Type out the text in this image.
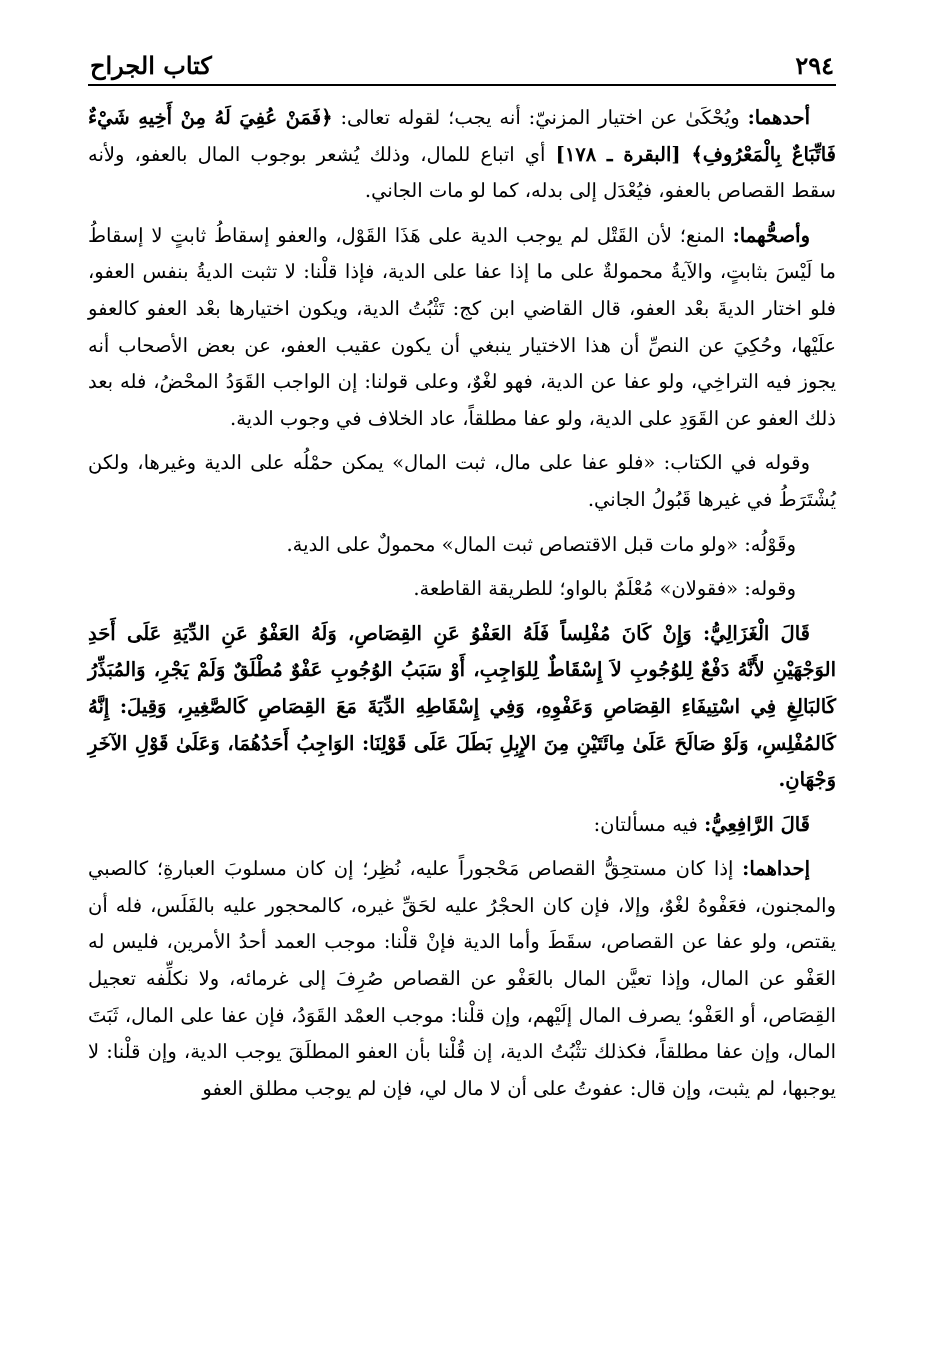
٢٩٤
كتاب الجراح

أحدهما: ويُحْكَىٰ عن اختيار المزنيّ: أنه يجب؛ لقوله تعالى: ﴿فَمَنْ عُفِيَ لَهُ مِنْ أَخِيهِ شَيْءٌ فَاتِّبَاعٌ بِالْمَعْرُوفِ﴾ [البقرة ـ ١٧٨] أي اتباع للمال، وذلك يُشعر بوجوب المال بالعفو، ولأنه سقط القصاص بالعفو، فيُعْدَل إلى بدله، كما لو مات الجاني.

وأصحُّهما: المنع؛ لأن القَتْل لم يوجب الدية على هَذَا القَوْل، والعفو إسقاطُ ثابتٍ لا إسقاطُ ما لَيْسَ بثابتٍ، والآيةُ محمولةٌ على ما إذا عفا على الدية، فإذا قلْنا: لا تثبت الديةُ بنفس العفو، فلو اختار الديةَ بعْد العفو، قال القاضي ابن كج: تَثْبُتُ الدية، ويكون اختيارها بعْد العفو كالعفو علَيْها، وحُكِيَ عن النصِّ أن هذا الاختيار ينبغي أن يكون عقيب العفو، عن بعض الأصحاب أنه يجوز فيه التراخِي، ولو عفا عن الدية، فهو لغْوٌ، وعلى قولنا: إن الواجب القَوَدُ المحْضُ، فله بعد ذلك العفو عن القَوَدِ على الدية، ولو عفا مطلقاً، عاد الخلاف في وجوب الدية.

وقوله في الكتاب: «فلو عفا على مال، ثبت المال» يمكن حمْلُه على الدية وغيرها، ولكن يُشْتَرَطُ في غيرها قَبُولُ الجاني.

وقَوْلُه: «ولو مات قبل الاقتصاص ثبت المال» محمولٌ على الدية.

وقوله: «فقولان» مُعْلَمٌ بالواو؛ للطريقة القاطعة.

قَالَ الْغَزَالِيُّ: وَإِنْ كَانَ مُفْلِساً فَلَهُ العَفْوُ عَنِ القِصَاصِ، وَلَهُ العَفْوُ عَنِ الدِّيَةِ عَلَى أَحَدِ الوَجْهَيْنِ لأَنَّهُ دَفْعٌ لِلوُجُوبِ لاَ إِسْقَاطٌ لِلوَاجِبِ، أَوْ سَبَبُ الوُجُوبِ عَفْوٌ مُطْلَقٌ وَلَمْ يَجْرِ، وَالمُبَذِّرُ كَالبَالِغِ فِي اسْتِيفَاءِ القِصَاصِ وَعَفْوِهِ، وَفِي إِسْقَاطِهِ الدِّيَةَ مَعَ القِصَاصِ كَالصَّغِيرِ، وَقِيلَ: إِنَّهُ كَالمُفْلِسِ، وَلَوْ صَالَحَ عَلَىٰ مِائَتَيْنِ مِنَ الإِبِلِ بَطَلَ عَلَى قَوْلِنَا: الوَاجِبُ أَحَدُهُمَا، وَعَلَىٰ قَوْلِ الآخَرِ وَجْهَانِ.

قَالَ الرَّافِعِيُّ: فيه مسألتان:

إحداهما: إذا كان مستحِقُّ القصاص مَحْجوراً عليه، نُظِر؛ إن كان مسلوبَ العبارةِ؛ كالصبي والمجنون، فعَفْوهُ لغْوٌ، وإلا، فإن كان الحجْرُ عليه لحَقِّ غيره، كالمحجور عليه بالفَلَس، فله أن يقتص، ولو عفا عن القصاص، سقَطَ وأما الدية فإنْ قلْنا: موجب العمد أحدُ الأمرين، فليس له العَفْو عن المال، وإذا تعيَّن المال بالعَفْو عن القصاص صُرِفَ إلى غرمائه، ولا نكلِّفه تعجيل القِصَاص، أو العَفْو؛ يصرف المال إلَيْهم، وإن قلْنا: موجب العمْد القَوَدُ، فإن عفا على المال، ثَبَتَ المال، وإن عفا مطلقاً، فكذلك تثْبُتُ الدية، إن قُلْنا بأن العفو المطلَقَ يوجب الدية، وإن قلْنا: لا يوجبها، لم يثبت، وإن قال: عفوتُ على أن لا مال لي، فإن لم يوجب مطلق العفو
